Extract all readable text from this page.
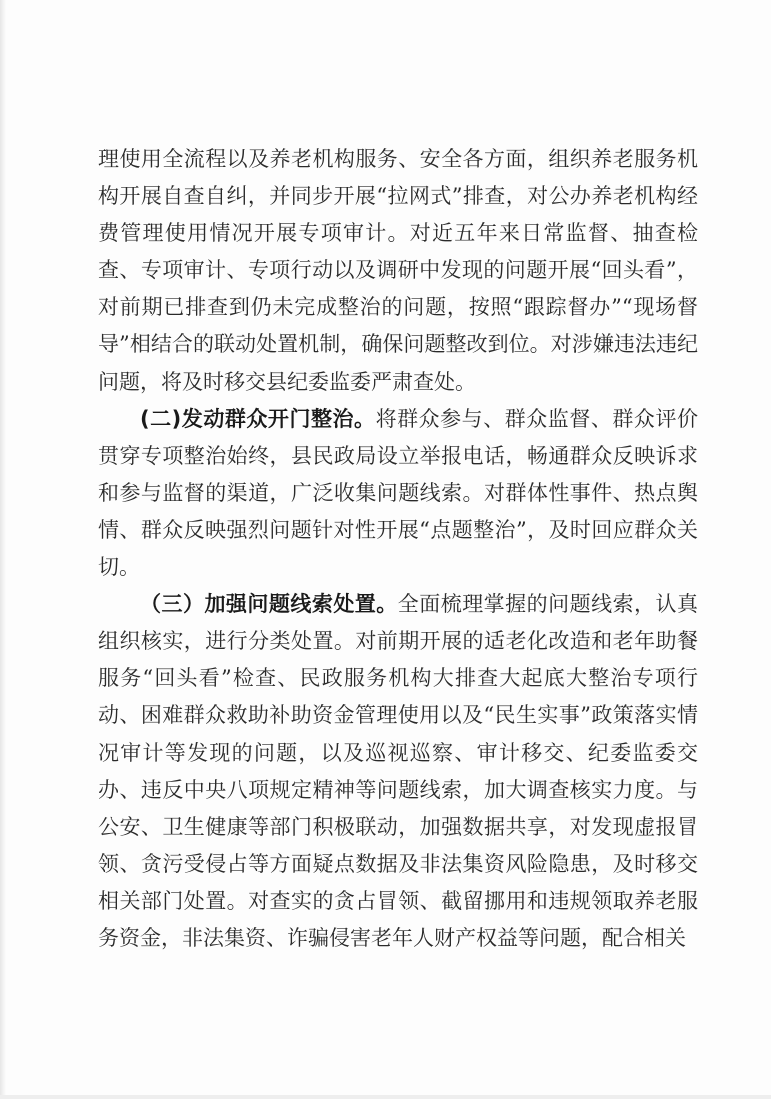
理使用全流程以及养老机构服务、安全各方面，组织养老服务机构开展自查自纠，并同步开展“拉网式”排查，对公办养老机构经费管理使用情况开展专项审计。对近五年来日常监督、抽查检查、专项审计、专项行动以及调研中发现的问题开展“回头看”，对前期已排查到仍未完成整治的问题，按照“跟踪督办”“现场督导”相结合的联动处置机制，确保问题整改到位。对涉嫌违法违纪问题，将及时移交县纪委监委严肃查处。

(二)发动群众开门整治。将群众参与、群众监督、群众评价贯穿专项整治始终，县民政局设立举报电话，畅通群众反映诉求和参与监督的渠道，广泛收集问题线索。对群体性事件、热点舆情、群众反映强烈问题针对性开展“点题整治”，及时回应群众关切。

（三）加强问题线索处置。全面梳理掌握的问题线索，认真组织核实，进行分类处置。对前期开展的适老化改造和老年助餐服务“回头看”检查、民政服务机构大排查大起底大整治专项行动、困难群众救助补助资金管理使用以及“民生实事”政策落实情况审计等发现的问题，以及巡视巡察、审计移交、纪委监委交办、违反中央八项规定精神等问题线索，加大调查核实力度。与公安、卫生健康等部门积极联动，加强数据共享，对发现虚报冒领、贪污受侵占等方面疑点数据及非法集资风险隐患，及时移交相关部门处置。对查实的贪占冒领、截留挪用和违规领取养老服务资金，非法集资、诈骗侵害老年人财产权益等问题，配合相关
